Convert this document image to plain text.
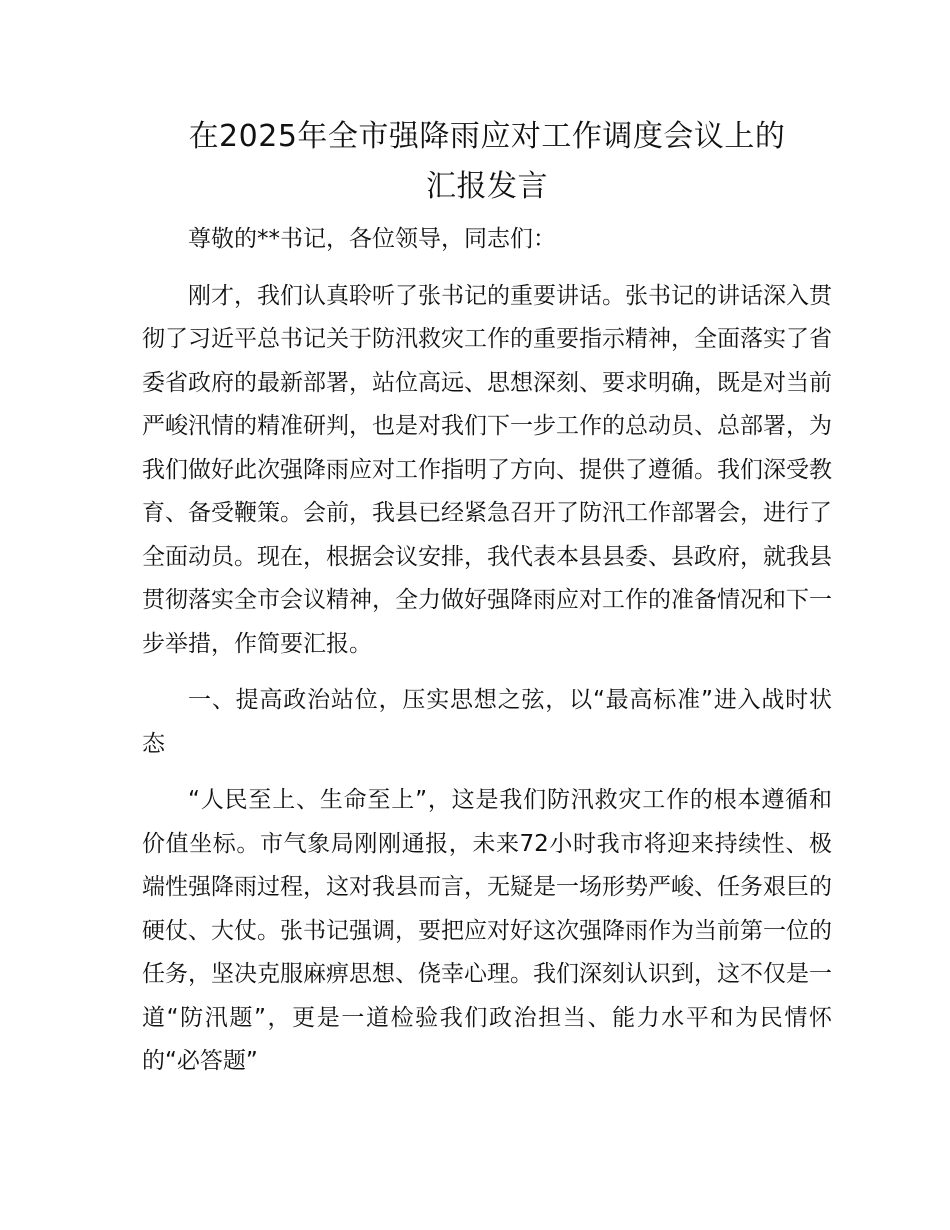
在2025年全市强降雨应对工作调度会议上的
汇报发言

尊敬的**书记，各位领导，同志们：

刚才，我们认真聆听了张书记的重要讲话。张书记的讲话深入贯彻了习近平总书记关于防汛救灾工作的重要指示精神，全面落实了省委省政府的最新部署，站位高远、思想深刻、要求明确，既是对当前严峻汛情的精准研判，也是对我们下一步工作的总动员、总部署，为我们做好此次强降雨应对工作指明了方向、提供了遵循。我们深受教育、备受鞭策。会前，我县已经紧急召开了防汛工作部署会，进行了全面动员。现在，根据会议安排，我代表本县县委、县政府，就我县贯彻落实全市会议精神，全力做好强降雨应对工作的准备情况和下一步举措，作简要汇报。

一、提高政治站位，压实思想之弦，以“最高标准”进入战时状态

“人民至上、生命至上”，这是我们防汛救灾工作的根本遵循和价值坐标。市气象局刚刚通报，未来72小时我市将迎来持续性、极端性强降雨过程，这对我县而言，无疑是一场形势严峻、任务艰巨的硬仗、大仗。张书记强调，要把应对好这次强降雨作为当前第一位的任务，坚决克服麻痹思想、侥幸心理。我们深刻认识到，这不仅是一道“防汛题”，更是一道检验我们政治担当、能力水平和为民情怀的“必答题”
